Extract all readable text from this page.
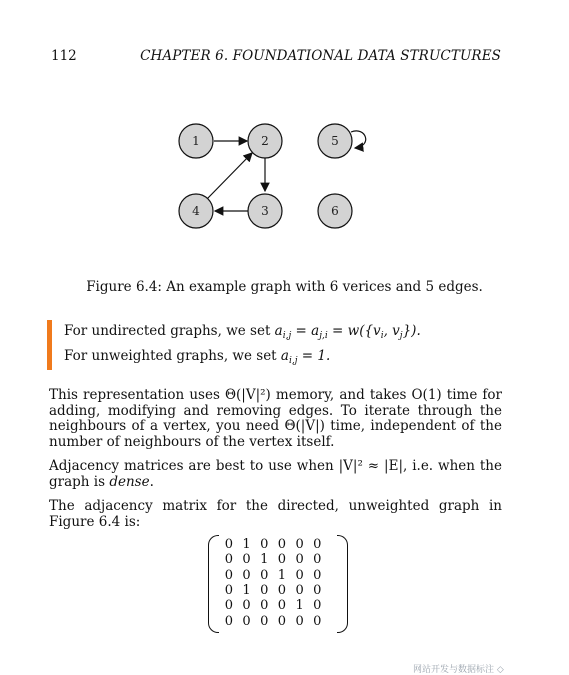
112	CHAPTER 6. FOUNDATIONAL DATA STRUCTURES
1	2
3
4
5
6
Figure 6.4: An example graph with 6 verices and 5 edges.
For undirected graphs, we set $a_{i,j} = a_{j,i} = w(\{v_i$, $v_j$}).
For unweighted graphs, we set $a_{i,j} = 1$.
This representation uses Θ(|V|²) memory, and takes O(1) time for adding, modifying and removing edges. To iterate through the neighbours of a vertex, you need Θ(|V|) time, independent of the number of neighbours of the vertex itself.
Adjacency matrices are best to use when |V|² ≈ |E|, i.e. when the graph is dense.
The adjacency matrix for the directed, unweighted graph in Figure 6.4 is:
0	1	0	0	0	0
0	0	1	0	0	0
0	0	0	1	0	0
0	1	0	0	0	0
0	0	0	0	1	0
0	0	0	0	0	0
网站开发与数据标注 ◇
